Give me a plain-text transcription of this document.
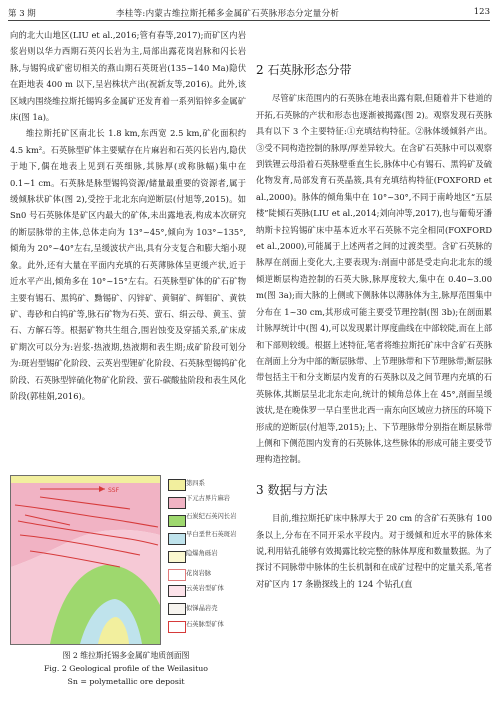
第 3 期	李桂等:内蒙古维拉斯托稀多金属矿石英脉形态分定量分析	123

向的北大山地区(LIU et al.,2016;管有春等,2017);而矿区内岩浆岩则以华力西期石英闪长岩为主,局部出露花岗岩脉和闪长岩脉,与锡钨成矿密切相关的燕山期石英斑岩(135~140 Ma)隐伏在距地表 400 m 以下,呈岩株状产出(祝新友等,2016)。此外,该区域内围绕维拉斯托锡钨多金属矿还发育着一系列铅锌多金属矿床(图 1a)。

维拉斯托矿区南北长 1.8 km,东西宽 2.5 km,矿化面积约 4.5 km²。石英脉型矿体主要赋存在片麻岩和石英闪长岩内,隐伏于地下,偶在地表上见到石英细脉,其脉厚(或称脉幅)集中在 0.1~1 cm。石英脉是脉型锡钨资源/储量最重要的资源者,属于缓倾脉状矿体(图 2),受控于北北东向逆断层(付旭等,2015)。如 Sn0 号石英脉体是矿区内最大的矿体,未出露地表,构成本次研究的断层脉带的主体,总体走向为 13°~45°,倾向为 103°~135°,倾角为 20°~40°左右,呈缓波状产出,具有分支复合和膨大缩小现象。此外,还有大量在平面内充填的石英薄脉体呈更缓产状,近于近水平产出,倾角多在 10°~15°左右。石英脉型矿体的矿石矿物主要有锡石、黑钨矿、黝锡矿、闪锌矿、黄铜矿、辉钼矿、黄铁矿、毒砂和白钨矿等,脉石矿物为石英、萤石、绢云母、黄玉、萤石、方解石等。根据矿物共生组合,围岩蚀变及穿插关系,矿床成矿期次可以分为:岩浆-热液期,热液期和表生期;成矿阶段可划分为:斑岩型锡矿化阶段、云英岩型锂矿化阶段、石英脉型锡钨矿化阶段、石英脉型锌硫化物矿化阶段、萤石-碳酸盐阶段和表生风化阶段(郭桂娟,2016)。

SSF
第四系
下元古界片麻岩
石炭纪石英闪长岩
早白垩世石英斑岩
隐爆角砾岩
花岗岩脉
云英岩型矿体
似锑晶岩壳
石英脉型矿体
图 2 维拉斯托锡多金属矿地质剖面图
Fig. 2 Geological profile of the Weilasituo
Sn = polymetallic ore deposit

2 石英脉形态分带

尽管矿床范围内的石英脉在地表出露有限,但随着井下巷道的开拓,石英脉的产状和形态也逐渐被揭露(图 2)。观察发现石英脉具有以下 3 个主要特征:①充填结构特征。②脉体缓倾斜产出。③受不同构造控制的脉厚/厚差异较大。在含矿石英脉中可以观察到铁锂云母沿着石英脉壁垂直生长,脉体中心有锡石、黑钨矿及硫化物发育,局部发育石英晶簇,具有充填结构特征(FOXFORD et al.,2000)。脉体的倾角集中在 10°~30°,不同于南岭地区“五层楼”陡倾石英脉(LIU et al.,2014;刘向冲等,2017),也与葡萄牙潘纳斯卡拉钨锡矿床中基本近水平石英脉不完全相同(FOXFORD et al.,2000),可能属于上述两者之间的过渡类型。含矿石英脉的脉厚在剖面上变化大,主要表现为:剖面中部是受走向北北东的缓倾逆断层构造控制的石英大脉,脉厚度较大,集中在 0.40~3.00 m(图 3a);而大脉的上侧或下侧脉体以薄脉体为主,脉厚范围集中分布在 1~30 cm,其形成可能主要受节理控制(图 3b);在剖面累计脉厚统计中(图 4),可以发现累计厚度曲线在中部较陡,而在上部和下部则较缓。根据上述特征,笔者将维拉斯托矿床中含矿石英脉在剖面上分为中部的断层脉带、上节理脉带和下节理脉带;断层脉带包括主干和分支断层内发育的石英脉以及之间节理内充填的石英脉体,其断层呈北北东走向,统计的倾角总体上在 45°,剖面呈缓波状,是在晚侏罗一早白垩世北西一南东向区域应力挤压的环境下形成的逆断层(付旭等,2015);上、下节理脉带分别指在断层脉带上侧和下侧范围内发育的石英脉体,这些脉体的形成可能主要受节理构造控制。

3 数据与方法

目前,维拉斯托矿床中脉厚大于 20 cm 的含矿石英脉有 100 条以上,分布在不同开采水平段内。对于缓倾和近水平的脉体来说,利用钻孔能够有效揭露比较完整的脉体厚度和数量数据。为了探讨不同脉带中脉体的生长机制和在成矿过程中的定量关系,笔者对矿区内 17 条勘探线上的 124 个钻孔(直
